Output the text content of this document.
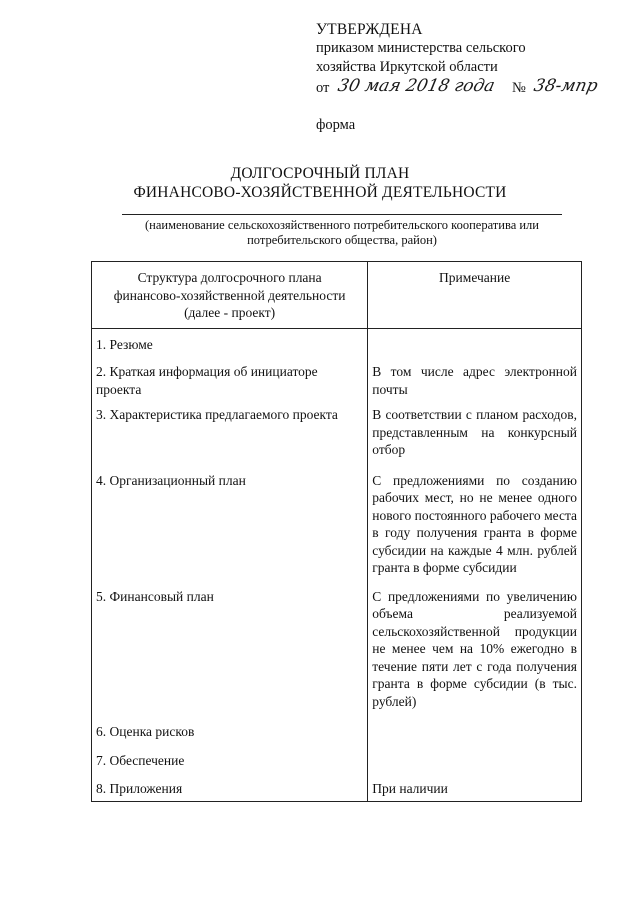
УТВЕРЖДЕНА
приказом министерства сельского
хозяйства Иркутской области
от 30 мая 2018 года № 38-мпр
форма
ДОЛГОСРОЧНЫЙ ПЛАН
ФИНАНСОВО-ХОЗЯЙСТВЕННОЙ ДЕЯТЕЛЬНОСТИ
(наименование сельскохозяйственного потребительского кооператива или
потребительского общества, район)
Структура долгосрочного плана
финансово-хозяйственной деятельности
(далее - проект)	Примечание
1. Резюме	
2. Краткая информация об инициаторе проекта	В том числе адрес электронной почты
3. Характеристика предлагаемого проекта	В соответствии с планом расходов, представленным на конкурсный отбор
4. Организационный план	С предложениями по созданию рабочих мест, но не менее одного нового постоянного рабочего места в году получения гранта в форме субсидии на каждые 4 млн. рублей гранта в форме субсидии
5. Финансовый план	С предложениями по увеличению объема реализуемой сельскохозяйственной продукции не менее чем на 10% ежегодно в течение пяти лет с года получения гранта в форме субсидии (в тыс. рублей)
6. Оценка рисков	
7. Обеспечение	
8. Приложения	При наличии
